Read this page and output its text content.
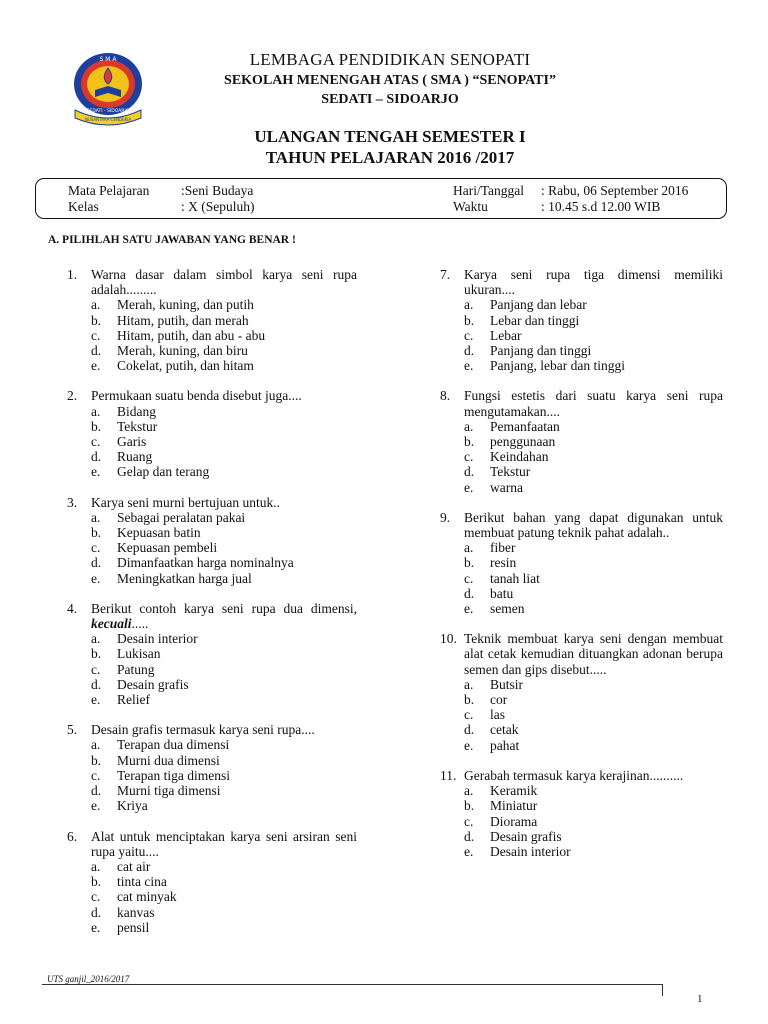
S M A
SEDATI - SIDOARJO
NUSANTARA CENDEKIA
LEMBAGA PENDIDIKAN SENOPATI
SEKOLAH MENENGAH ATAS ( SMA ) “SENOPATI”
SEDATI – SIDOARJO
ULANGAN TENGAH SEMESTER I
TAHUN PELAJARAN 2016 /2017
Mata Pelajaran :Seni Budaya
Kelas	: X (Sepuluh)
Hari/Tanggal : Rabu, 06 September 2016
Waktu	: 10.45 s.d 12.00 WIB
A. PILIHLAH SATU JAWABAN YANG BENAR !
1.	Warna dasar dalam simbol karya seni rupa adalah.........
a.	Merah, kuning, dan putih
b.	Hitam, putih, dan merah
c.	Hitam, putih, dan abu - abu
d.	Merah, kuning, dan biru
e.	Cokelat, putih, dan hitam
2.	Permukaan suatu benda disebut juga....
a.	Bidang
b.	Tekstur
c.	Garis
d.	Ruang
e.	Gelap dan terang
3.	Karya seni murni bertujuan untuk..
a.	Sebagai peralatan pakai
b.	Kepuasan batin
c.	Kepuasan pembeli
d.	Dimanfaatkan harga nominalnya
e.	Meningkatkan harga jual
4.	Berikut contoh karya seni rupa dua dimensi, kecuali.....
a.	Desain interior
b.	Lukisan
c.	Patung
d.	Desain grafis
e.	Relief
5.	Desain grafis termasuk karya seni rupa....
a.	Terapan dua dimensi
b.	Murni dua dimensi
c.	Terapan tiga dimensi
d.	Murni tiga dimensi
e.	Kriya
6.	Alat untuk menciptakan karya seni arsiran seni rupa yaitu....
a.	cat air
b.	tinta cina
c.	cat minyak
d.	kanvas
e.	pensil
7.	Karya seni rupa tiga dimensi memiliki ukuran....
a.	Panjang dan lebar
b.	Lebar dan tinggi
c.	Lebar
d.	Panjang dan tinggi
e.	Panjang, lebar dan tinggi
8.	Fungsi estetis dari suatu karya seni rupa mengutamakan....
a.	Pemanfaatan
b.	penggunaan
c.	Keindahan
d.	Tekstur
e.	warna
9.	Berikut bahan yang dapat digunakan untuk membuat patung teknik pahat adalah..
a.	fiber
b.	resin
c.	tanah liat
d.	batu
e.	semen
10. Teknik membuat karya seni dengan membuat alat cetak kemudian dituangkan adonan berupa semen dan gips disebut.....
a.	Butsir
b.	cor
c.	las
d.	cetak
e.	pahat
11. Gerabah termasuk karya kerajinan..........
a.	Keramik
b.	Miniatur
c.	Diorama
d.	Desain grafis
e.	Desain interior
UTS ganjil_2016/2017
1
